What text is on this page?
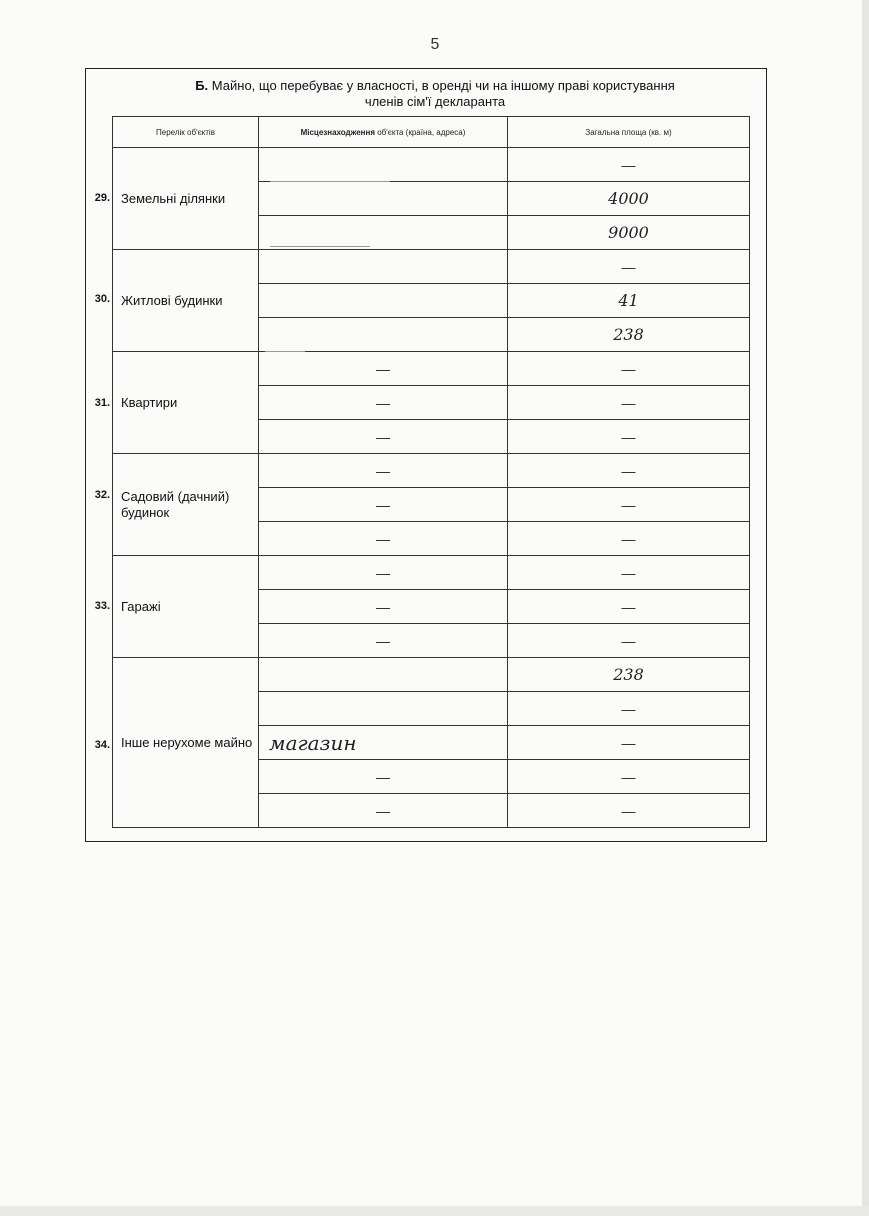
5
Б. Майно, що перебуває у власності, в оренді чи на іншому праві користування
членів сім'ї декларанта
Перелік об'єктів	Місцезнаходження об'єкта (країна, адреса)	Загальна площа (кв. м)
Земельні ділянки		—
		4000
		9000
Житлові будинки		—
		41
		238
Квартири	—	—
	—	—
	—	—
Садовий (дачний) будинок	—	—
	—	—
	—	—
Гаражі	—	—
	—	—
	—	—
Інше нерухоме майно		238
		—
	магазин	—
	—	—
	—	—
29.
30.
31.
32.
33.
34.
